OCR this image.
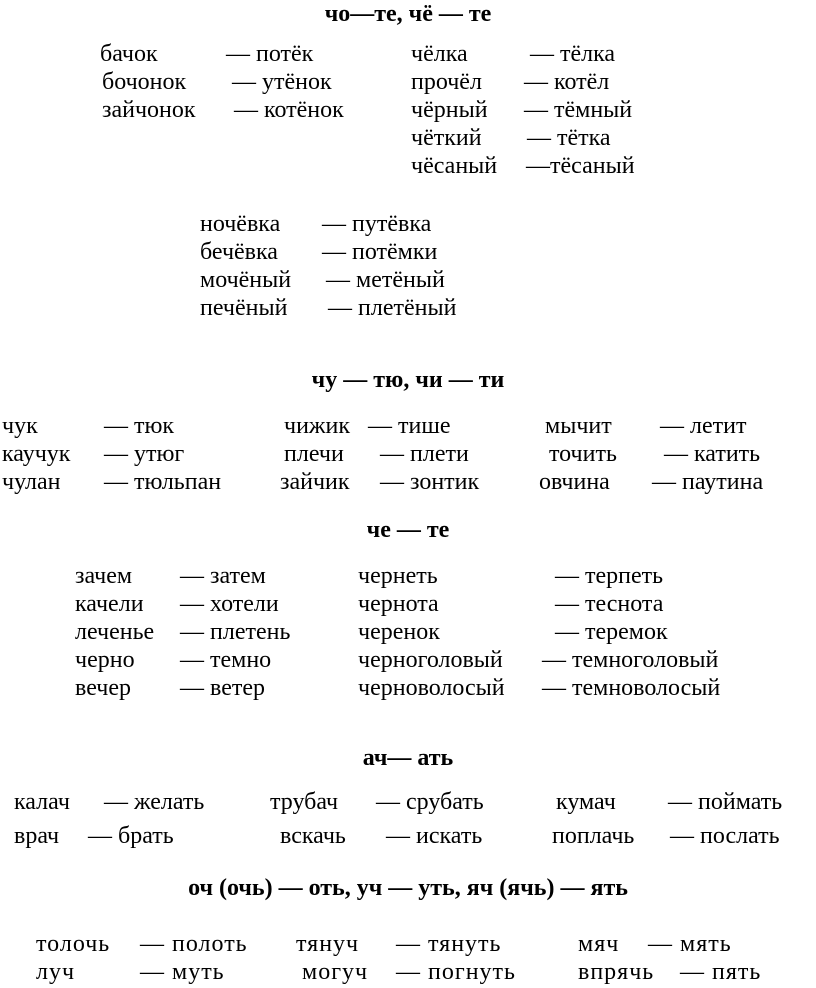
чо—те, чё — те
чу — тю, чи — ти
че — те
ач— ать
оч (очь) — оть, уч — уть, яч (ячь) — ять
бачок	— потёк
бочонок — утёнок
зайчонок — котёнок
чёлка	— тёлка
прочёл — котёл
чёрный — тёмный
чёткий — тётка
чёсаный —тёсаный
ночёвка — путёвка
бечёвка — потёмки
мочёный — метёный
печёный — плетёный
чук	— тюк
каучук — утюг
чулан — тюльпан
чижик — тише
плечи — плети
зайчик — зонтик
мычит — летит
точить — катить
овчина — паутина
зачем — затем
качели — хотели
леченье — плетень
черно — темно
вечер — ветер
чернеть	— терпеть
чернота	— теснота
черенок	— теремок
черноголовый — темноголовый
черноволосый — темноволосый
калач — желать
врач — брать
трубач — срубать
вскачь — искать
кумач — поймать
поплачь — послать
толочь — полоть
луч	— муть
тянуч — тянуть
могуч — погнуть
мяч — мять
впрячь — пять
